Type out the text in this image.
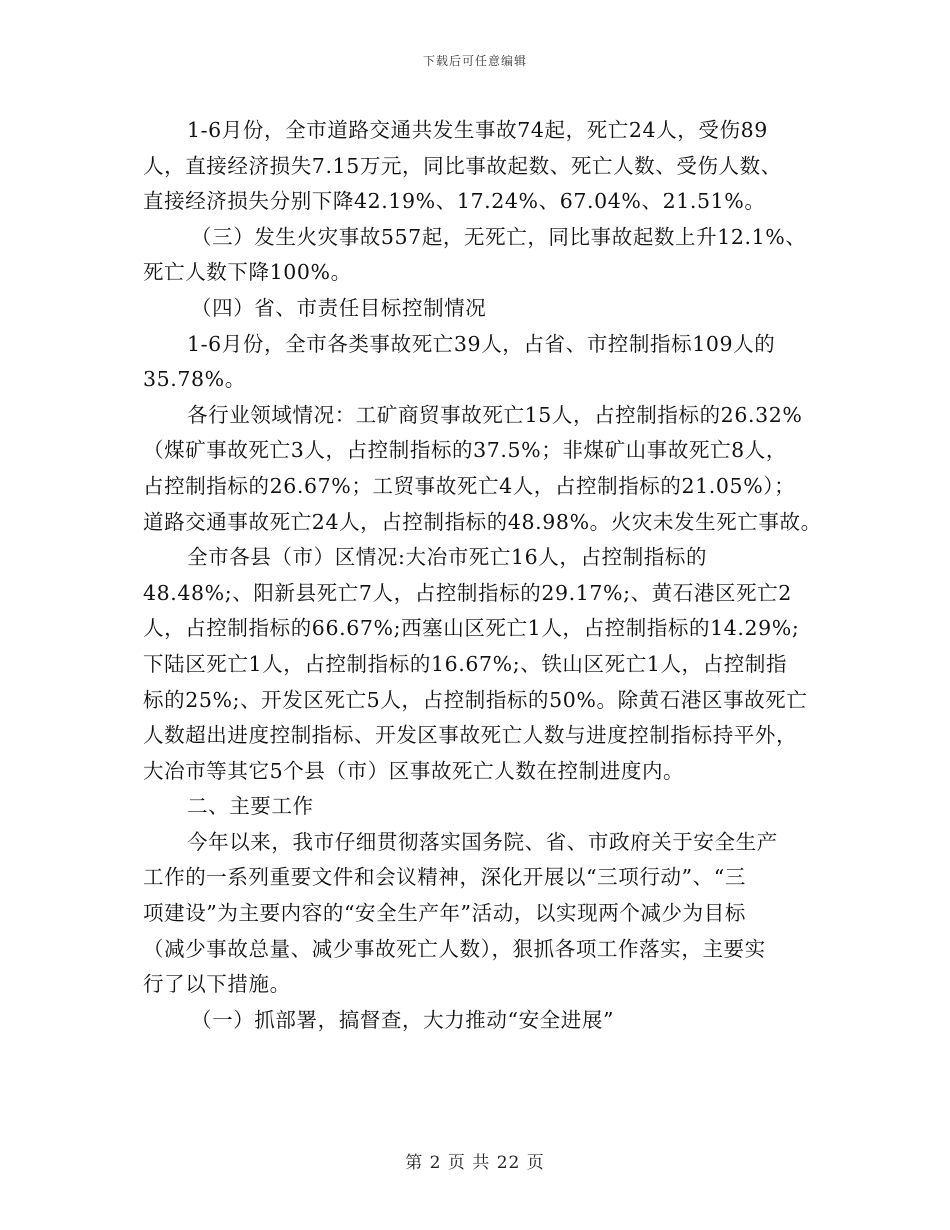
下载后可任意编辑
1-6月份，全市道路交通共发生事故74起，死亡24人，受伤89
人，直接经济损失7.15万元，同比事故起数、死亡人数、受伤人数、
直接经济损失分别下降42.19%、17.24%、67.04%、21.51%。
（三）发生火灾事故557起，无死亡，同比事故起数上升12.1%、
死亡人数下降100%。
（四）省、市责任目标控制情况
1-6月份，全市各类事故死亡39人，占省、市控制指标109人的
35.78%。
各行业领域情况：工矿商贸事故死亡15人，占控制指标的26.32%
（煤矿事故死亡3人，占控制指标的37.5%；非煤矿山事故死亡8人，
占控制指标的26.67%；工贸事故死亡4人，占控制指标的21.05%）；
道路交通事故死亡24人，占控制指标的48.98%。火灾未发生死亡事故。
全市各县（市）区情况:大冶市死亡16人，占控制指标的
48.48%;、阳新县死亡7人，占控制指标的29.17%;、黄石港区死亡2
人，占控制指标的66.67%;西塞山区死亡1人，占控制指标的14.29%;
下陆区死亡1人，占控制指标的16.67%;、铁山区死亡1人，占控制指
标的25%;、开发区死亡5人，占控制指标的50%。除黄石港区事故死亡
人数超出进度控制指标、开发区事故死亡人数与进度控制指标持平外，
大冶市等其它5个县（市）区事故死亡人数在控制进度内。
二、主要工作
今年以来，我市仔细贯彻落实国务院、省、市政府关于安全生产
工作的一系列重要文件和会议精神，深化开展以“三项行动”、“三
项建设”为主要内容的“安全生产年”活动，以实现两个减少为目标
（减少事故总量、减少事故死亡人数），狠抓各项工作落实，主要实
行了以下措施。
（一）抓部署，搞督查，大力推动“安全进展”
第 2 页 共 22 页
